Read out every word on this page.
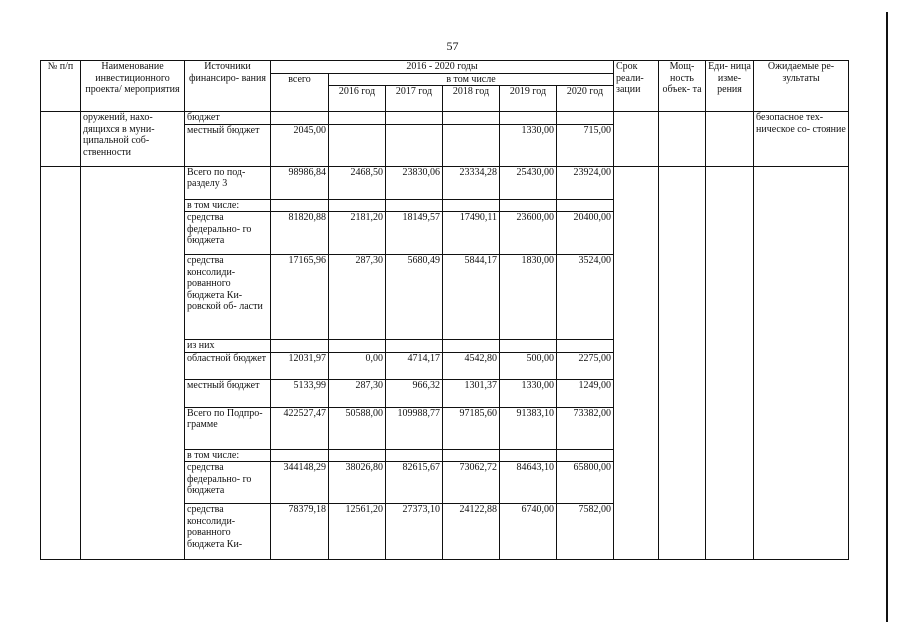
57
№ п/п	Наименование инвестиционного проекта/ мероприятия	Источники финансиро- вания	2016 - 2020 годы						Срок реали- зации	Мощ- ность объек- та	Еди- ница изме- рения	Ожидаемые ре- зультаты
			всего	в том числе								
				2016 год	2017 год	2018 год	2019 год	2020 год				
	оружений, нахо- дящихся в муни- ципальной соб- ственности	бюджет										безопасное тех- ническое со- стояние
		местный бюджет	2045,00				1330,00	715,00				
		Всего по под- разделу 3	98986,84	2468,50	23830,06	23334,28	25430,00	23924,00				
		в том числе:										
		средства федерально- го бюджета	81820,88	2181,20	18149,57	17490,11	23600,00	20400,00				
		средства консолиди- рованного бюджета Ки- ровской об- ласти	17165,96	287,30	5680,49	5844,17	1830,00	3524,00				
		из них										
		областной бюджет	12031,97	0,00	4714,17	4542,80	500,00	2275,00				
		местный бюджет	5133,99	287,30	966,32	1301,37	1330,00	1249,00				
		Всего по Подпро- грамме	422527,47	50588,00	109988,77	97185,60	91383,10	73382,00				
		в том числе:										
		средства федерально- го бюджета	344148,29	38026,80	82615,67	73062,72	84643,10	65800,00				
		средства консолиди- рованного бюджета Ки-	78379,18	12561,20	27373,10	24122,88	6740,00	7582,00				
